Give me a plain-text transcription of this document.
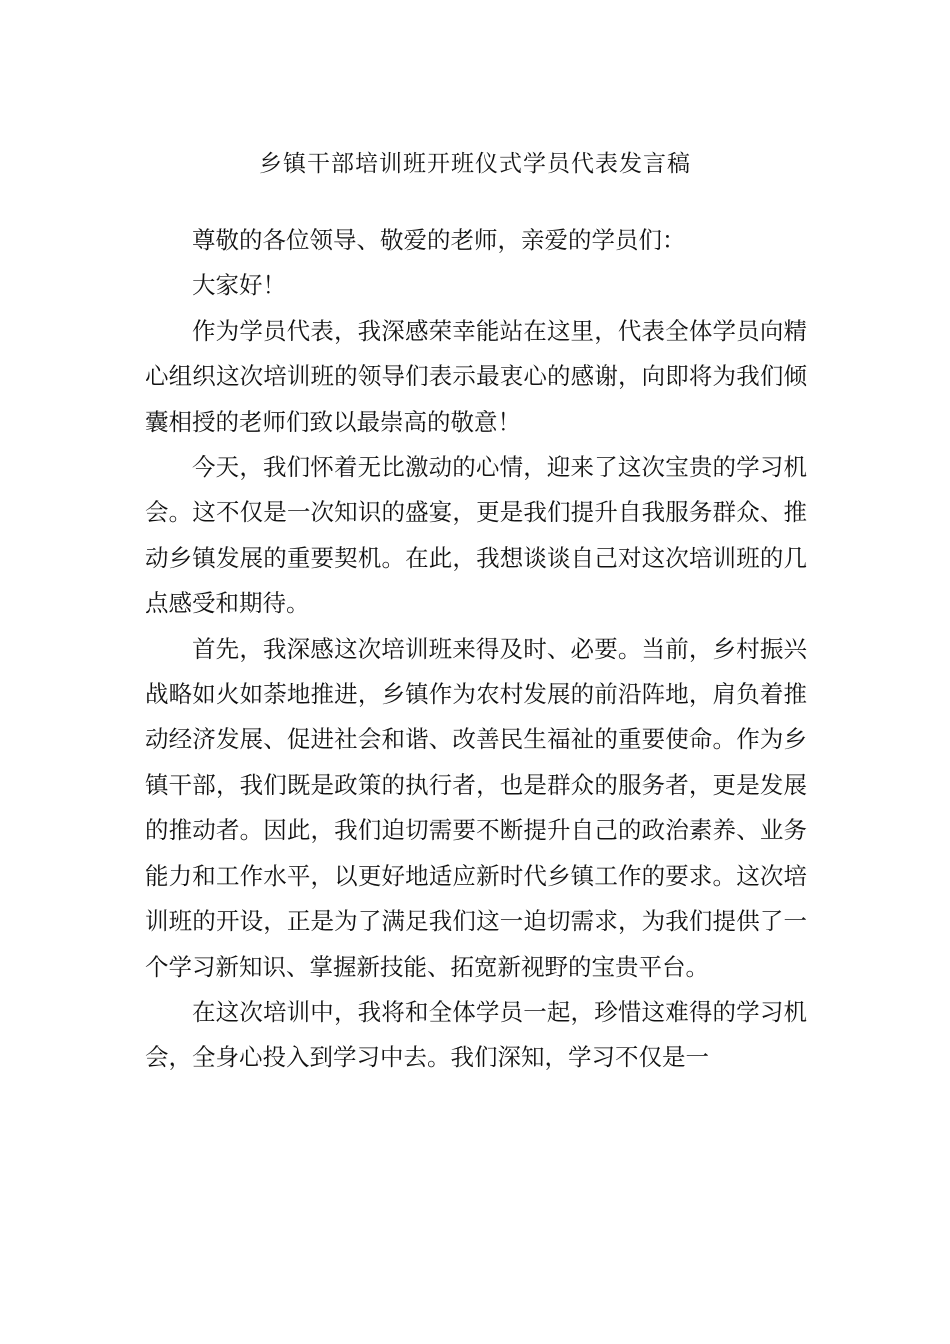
乡镇干部培训班开班仪式学员代表发言稿

尊敬的各位领导、敬爱的老师，亲爱的学员们：

大家好！

作为学员代表，我深感荣幸能站在这里，代表全体学员向精心组织这次培训班的领导们表示最衷心的感谢，向即将为我们倾囊相授的老师们致以最崇高的敬意！

今天，我们怀着无比激动的心情，迎来了这次宝贵的学习机会。这不仅是一次知识的盛宴，更是我们提升自我服务群众、推动乡镇发展的重要契机。在此，我想谈谈自己对这次培训班的几点感受和期待。

首先，我深感这次培训班来得及时、必要。当前，乡村振兴战略如火如荼地推进，乡镇作为农村发展的前沿阵地，肩负着推动经济发展、促进社会和谐、改善民生福祉的重要使命。作为乡镇干部，我们既是政策的执行者，也是群众的服务者，更是发展的推动者。因此，我们迫切需要不断提升自己的政治素养、业务能力和工作水平，以更好地适应新时代乡镇工作的要求。这次培训班的开设，正是为了满足我们这一迫切需求，为我们提供了一个学习新知识、掌握新技能、拓宽新视野的宝贵平台。

在这次培训中，我将和全体学员一起，珍惜这难得的学习机会，全身心投入到学习中去。我们深知，学习不仅是一
